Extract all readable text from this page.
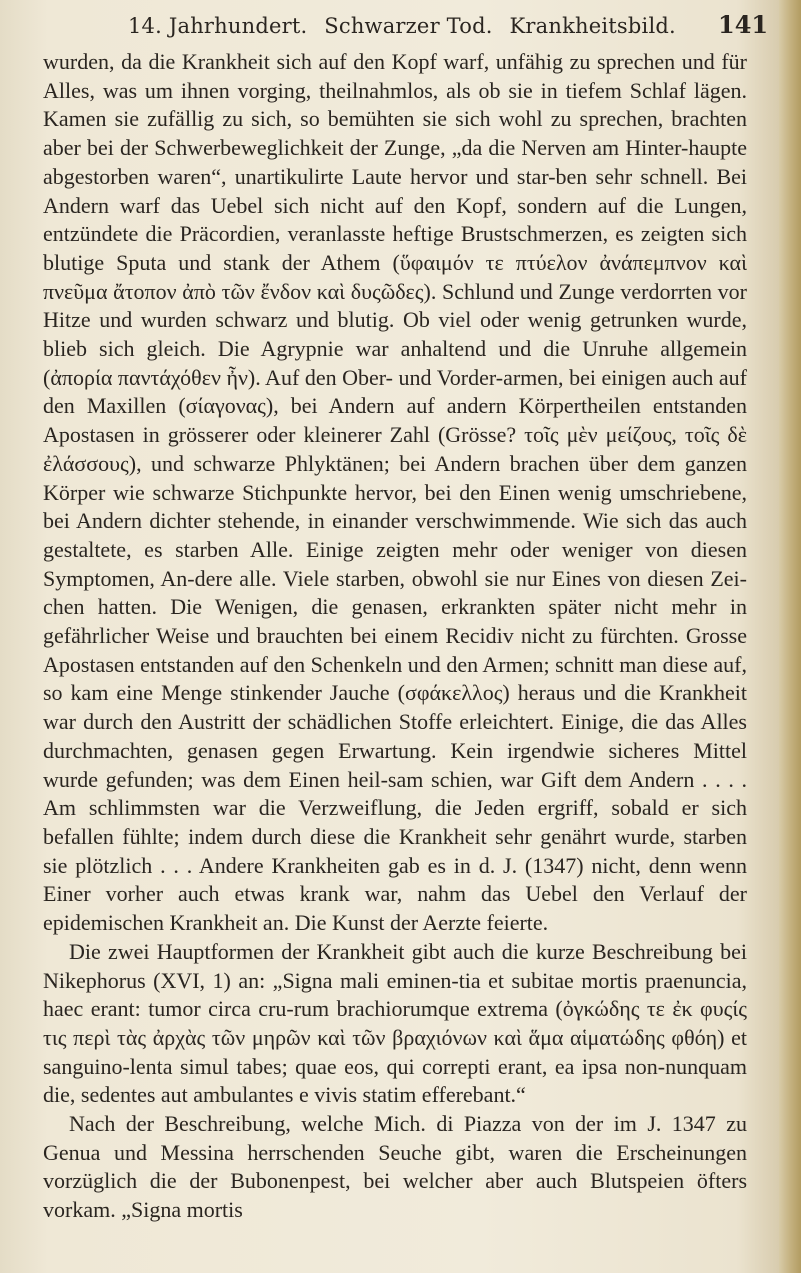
14. Jahrhundert. Schwarzer Tod. Krankheitsbild. 141

wurden, da die Krankheit sich auf den Kopf warf, unfähig zu sprechen und für Alles, was um ihnen vorging, theilnahmlos, als ob sie in tiefem Schlaf lägen. Kamen sie zufällig zu sich, so bemühten sie sich wohl zu sprechen, brachten aber bei der Schwerbeweglichkeit der Zunge, „da die Nerven am Hinter-haupte abgestorben waren“, unartikulirte Laute hervor und star-ben sehr schnell. Bei Andern warf das Uebel sich nicht auf den Kopf, sondern auf die Lungen, entzündete die Präcordien, veranlasste heftige Brustschmerzen, es zeigten sich blutige Sputa und stank der Athem (ὕφαιμόν τε πτύελον ἀνάπεμπνον καὶ πνεῦμα ἄτοπον ἀπὸ τῶν ἔνδον καὶ δυςῶδες). Schlund und Zunge verdorrten vor Hitze und wurden schwarz und blutig. Ob viel oder wenig getrunken wurde, blieb sich gleich. Die Agrypnie war anhaltend und die Unruhe allgemein (ἀπορία παντάχόθεν ἦν). Auf den Ober- und Vorder-armen, bei einigen auch auf den Maxillen (σίαγονας), bei Andern auf andern Körpertheilen entstanden Apostasen in grösserer oder kleinerer Zahl (Grösse? τοῖς μὲν μείζους, τοῖς δὲ ἐλάσσους), und schwarze Phlyktänen; bei Andern brachen über dem ganzen Körper wie schwarze Stichpunkte hervor, bei den Einen wenig umschriebene, bei Andern dichter stehende, in einander verschwimmende. Wie sich das auch gestaltete, es starben Alle. Einige zeigten mehr oder weniger von diesen Symptomen, An-dere alle. Viele starben, obwohl sie nur Eines von diesen Zei-chen hatten. Die Wenigen, die genasen, erkrankten später nicht mehr in gefährlicher Weise und brauchten bei einem Recidiv nicht zu fürchten. Grosse Apostasen entstanden auf den Schenkeln und den Armen; schnitt man diese auf, so kam eine Menge stinkender Jauche (σφάκελλος) heraus und die Krankheit war durch den Austritt der schädlichen Stoffe erleichtert. Einige, die das Alles durchmachten, genasen gegen Erwartung. Kein irgendwie sicheres Mittel wurde gefunden; was dem Einen heil-sam schien, war Gift dem Andern . . . . Am schlimmsten war die Verzweiflung, die Jeden ergriff, sobald er sich befallen fühlte; indem durch diese die Krankheit sehr genährt wurde, starben sie plötzlich . . . Andere Krankheiten gab es in d. J. (1347) nicht, denn wenn Einer vorher auch etwas krank war, nahm das Uebel den Verlauf der epidemischen Krankheit an. Die Kunst der Aerzte feierte.

Die zwei Hauptformen der Krankheit gibt auch die kurze Beschreibung bei Nikephorus (XVI, 1) an: „Signa mali eminen-tia et subitae mortis praenuncia, haec erant: tumor circa cru-rum brachiorumque extrema (ὀγκώδης τε ἐκ φυςίς τις περὶ τὰς ἀρχὰς τῶν μηρῶν καὶ τῶν βραχιόνων καὶ ἅμα αἱματώδης φθόη) et sanguino-lenta simul tabes; quae eos, qui correpti erant, ea ipsa non-nunquam die, sedentes aut ambulantes e vivis statim efferebant.“

Nach der Beschreibung, welche Mich. di Piazza von der im J. 1347 zu Genua und Messina herrschenden Seuche gibt, waren die Erscheinungen vorzüglich die der Bubonenpest, bei welcher aber auch Blutspeien öfters vorkam. „Signa mortis
